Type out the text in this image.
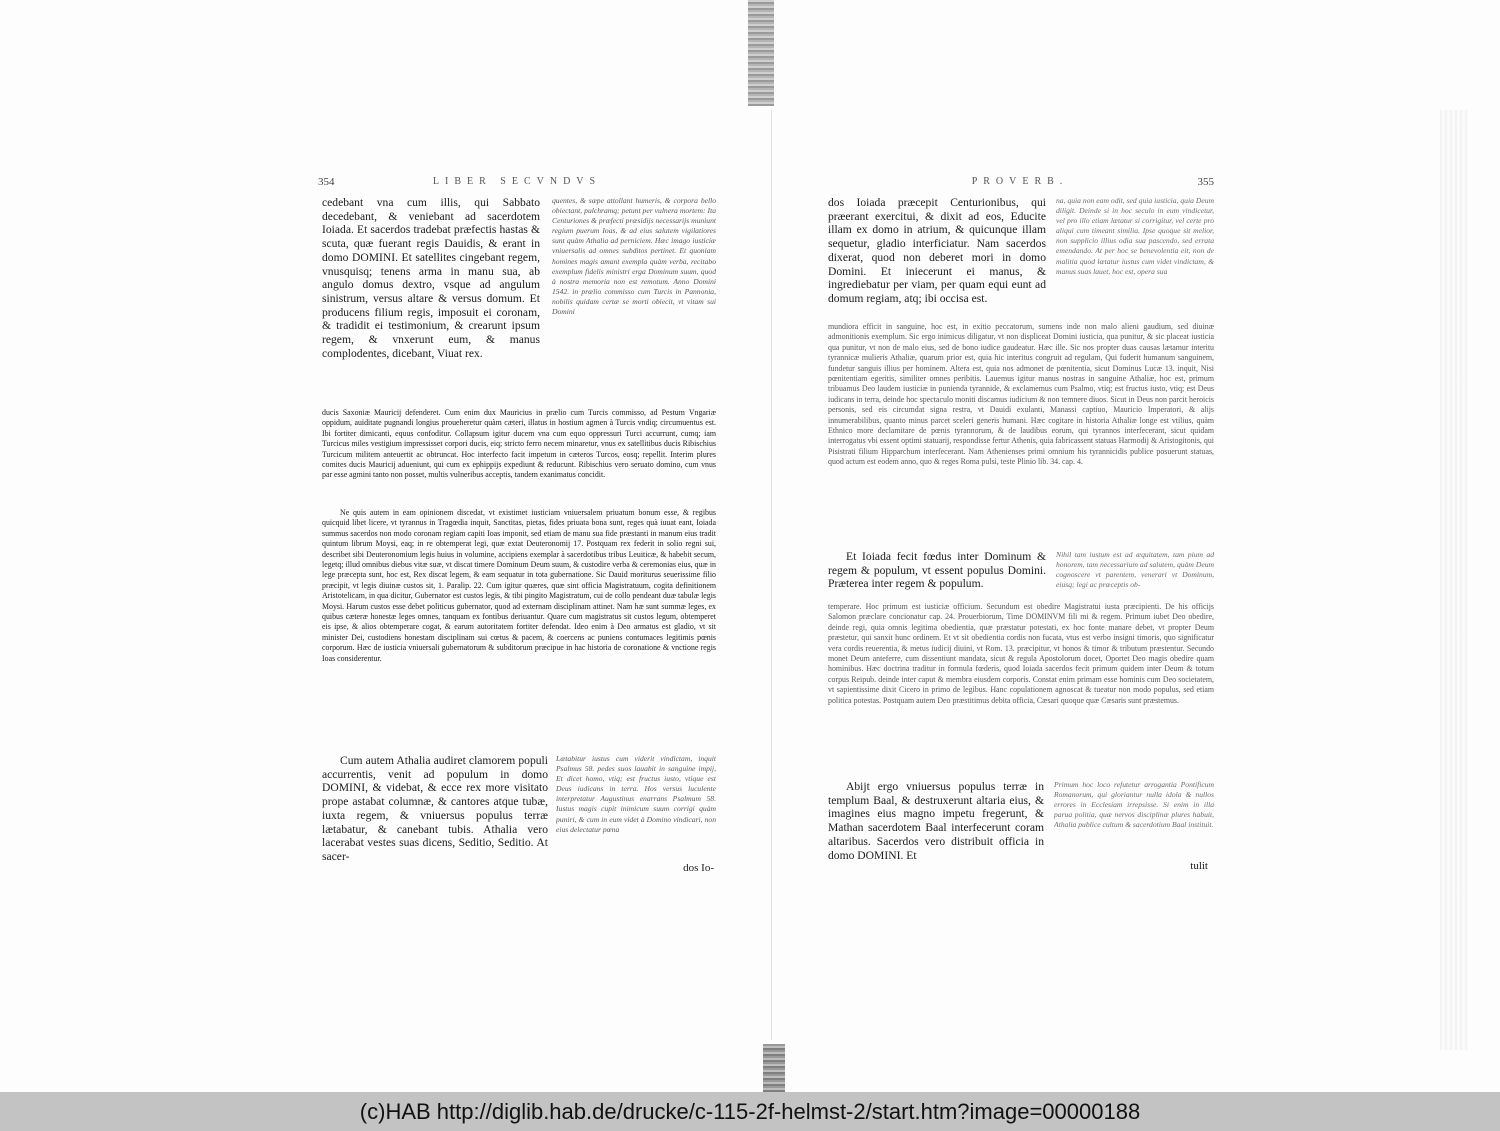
354	LIBER SECVNDVS

cedebant vna cum illis, qui Sabbato decedebant, & veniebant ad sacerdotem Ioiada. Et sacerdos tradebat præfectis hastas & scuta, quæ fuerant regis Dauidis, & erant in domo DOMINI. Et satellites cingebant regem, vnusquisq; tenens arma in manu sua, ab angulo domus dextro, vsque ad angulum sinistrum, versus altare & versus domum. Et producens filium regis, imposuit ei coronam, & tradidit ei testimonium, & crearunt ipsum regem, & vnxerunt eum, & manus complodentes, dicebant, Viuat rex.

quentes, & sæpe attollant humeris, & corpora bello obiectant, pulchramq; petunt per vulnera mortem: Ita Centuriones & præfecti præsidijs necessarijs muniunt regium puerum Ioas, & ad eius salutem vigilatiores sunt quàm Athalia ad perniciem. Hæc imago iusticiæ vniuersalis ad omnes subditos pertinet. Et quoniam homines magis amant exempla quàm verba, recitabo exemplum fidelis ministri erga Dominum suum, quod à nostra memoria non est remotum. Anno Domini 1542. in prælio commisso cum Turcis in Pannonia, nobilis quidam certæ se morti obiecit, vt vitam sui Domini

ducis Saxoniæ Mauricij defenderet. Cum enim dux Mauricius in prælio cum Turcis commisso, ad Pestum Vngariæ oppidum, auiditate pugnandi longius proueheretur quàm cæteri, illatus in hostium agmen à Turcis vndiq; circumuentus est. Ibi fortiter dimicanti, equus confoditur. Collapsum igitur ducem vna cum equo oppressuri Turci accurrunt, cumq; iam Turcicus miles vestigium impressisset corpori ducis, eiq; stricto ferro necem minaretur, vnus ex satellitibus ducis Ribischius Turcicum militem anteuertit ac obtruncat. Hoc interfecto facit impetum in cæteros Turcos, eosq; repellit. Interim plures comites ducis Mauricij adueniunt, qui cum ex ephippijs expediunt & reducunt. Ribischius vero seruato domino, cum vnus par esse agmini tanto non posset, multis vulneribus acceptis, tandem exanimatus concidit.

Ne quis autem in eam opinionem discedat, vt existimet iusticiam vniuersalem priuatum bonum esse, & regibus quicquid libet licere, vt tyrannus in Tragœdia inquit, Sanctitas, pietas, fides priuata bona sunt, reges quà iuuat eant, Ioiada summus sacerdos non modo coronam regiam capiti Ioas imponit, sed etiam de manu sua fide præstanti in manum eius tradit quintum librum Moysi, eaq; in re obtemperat legi, quæ extat Deuteronomij 17. Postquam rex federit in solio regni sui, describet sibi Deuteronomium legis huius in volumine, accipiens exemplar à sacerdotibus tribus Leuiticæ, & habebit secum, legetq; illud omnibus diebus vitæ suæ, vt discat timere Dominum Deum suum, & custodire verba & ceremonias eius, quæ in lege præcepta sunt, hoc est, Rex discat legem, & eam sequatur in tota gubernatione. Sic Dauid moriturus seuerissime filio præcipit, vt legis diuinæ custos sit, 1. Paralip. 22. Cum igitur quæres, quæ sint officia Magistratuum, cogita definitionem Aristotelicam, in qua dicitur, Gubernator est custos legis, & tibi pingito Magistratum, cui de collo pendeant duæ tabulæ legis Moysi. Harum custos esse debet politicus gubernator, quod ad externam disciplinam attinet. Nam hæ sunt summæ leges, ex quibus cæteræ honestæ leges omnes, tanquam ex fontibus deriuantur. Quare cum magistratus sit custos legum, obtemperet eis ipse, & alios obtemperare cogat, & earum autoritatem fortiter defendat. Ideo enim à Deo armatus est gladio, vt sit minister Dei, custodiens honestam disciplinam sui cœtus & pacem, & coercens ac puniens contumaces legitimis pœnis corporum. Hæc de iusticia vniuersali gubernatorum & subditorum præcipue in hac historia de coronatione & vnctione regis Ioas considerentur.

Cum autem Athalia audiret clamorem populi accurrentis, venit ad populum in domo DOMINI, & videbat, & ecce rex more visitato prope astabat columnæ, & cantores atque tubæ, iuxta regem, & vniuersus populus terræ lætabatur, & canebant tubis. Athalia vero lacerabat vestes suas dicens, Seditio, Seditio. At sacer-

Lætabitur iustus cum viderit vindictam, inquit Psalmus 58. pedes suos lauabit in sanguine impij, Et dicet homo, vtiq; est fructus iusto, vtique est Deus iudicans in terra. Hos versus luculente interpretatur Augustinus enarrans Psalmum 58. Iustus magis cupit inimicum suum corrigi quàm puniri, & cum in eum videt à Domino vindicari, non eius delectatur pœna

dos Io-
PROVERB.	355

dos Ioiada præcepit Centurionibus, qui præerant exercitui, & dixit ad eos, Educite illam ex domo in atrium, & quicunque illam sequetur, gladio interficiatur. Nam sacerdos dixerat, quod non deberet mori in domo Domini. Et iniecerunt ei manus, & ingrediebatur per viam, per quam equi eunt ad domum regiam, atq; ibi occisa est.

na, quia non eam odit, sed quia iusticia, quia Deum diligit. Deinde si in hoc seculo in eum vindicetur, vel pro illo etiam lætatur si corrigitur, vel certe pro aliqui cum timeant similia. Ipse quoque sit melior, non supplicio illius odia sua pascendo, sed errata emendando. At per hoc se benevolentia eit, non de malitia quod lætatur iustus cum videt vindictam, & manus suas lauet, hoc est, opera sua

mundiora efficit in sanguine, hoc est, in exitio peccatorum, sumens inde non malo alieni gaudium, sed diuinæ admonitionis exemplum. Sic ergo inimicus diligatur, vt non displiceat Domini iusticia, qua punitur, & sic placeat iusticia qua punitur, vt non de malo eius, sed de bono iudice gaudeatur. Hæc ille. Sic nos propter duas causas lætamur interitu tyrannicæ mulieris Athaliæ, quarum prior est, quia hic interitus congruit ad regulam, Qui fuderit humanum sanguinem, fundetur sanguis illius per hominem. Altera est, quia nos admonet de pœnitentia, sicut Dominus Lucæ 13. inquit, Nisi pœnitentiam egeritis, similiter omnes peribitis. Lauemus igitur manus nostras in sanguine Athaliæ, hoc est, primum tribuamus Deo laudem iusticiæ in punienda tyrannide, & exclamemus cum Psalmo, vtiq; est fructus iusto, vtiq; est Deus iudicans in terra, deinde hoc spectaculo moniti discamus iudicium & non temnere diuos. Sicut in Deus non parcit heroicis personis, sed eis circumdat signa restra, vt Dauidi exulanti, Manassi captiuo, Mauricio Imperatori, & alijs innumerabilibus, quanto minus parcet sceleri generis humani. Hæc cogitare in historia Athaliæ longe est vtilius, quàm Ethnico more declamitare de pœnis tyrannorum, & de laudibus eorum, qui tyrannos interfecerant, sicut quidam interrogatus vbi essent optimi statuarij, respondisse fertur Athenis, quia fabricassent statuas Harmodij & Aristogitonis, qui Pisistrati filium Hipparchum interfecerant. Nam Athenienses primi omnium his tyrannicidis publice posuerunt statuas, quod actum est eodem anno, quo & reges Roma pulsi, teste Plinio lib. 34. cap. 4.

Et Ioiada fecit fœdus inter Dominum & regem & populum, vt essent populus Domini. Præterea inter regem & populum.

Nihil tam iustum est ad æquitatem, tam pium ad honorem, tam necessarium ad salutem, quàm Deum cognoscere vt parentem, venerari vt Dominum, eiusq; legi ac præceptis ob-

temperare. Hoc primum est iusticiæ officium. Secundum est obedire Magistratui iusta præcipienti. De his officijs Salomon præclare concionatur cap. 24. Prouerbiorum, Time DOMINVM fili mi & regem. Primum iubet Deo obedire, deinde regi, quia omnis legitima obedientia, quæ præstatur potestati, ex hoc fonte manare debet, vt propter Deum præstetur, qui sanxit hunc ordinem. Et vt sit obedientia cordis non fucata, vtus est verbo insigni timoris, quo significatur vera cordis reuerentia, & metus iudicij diuini, vt Rom. 13. præcipitur, vt honos & timor & tributum præstentur. Secundo monet Deum anteferre, cum dissentiunt mandata, sicut & regula Apostolorum docet, Oportet Deo magis obedire quam hominibus. Hæc doctrina traditur in formula fœderis, quod Ioiada sacerdos fecit primum quidem inter Deum & totum corpus Reipub. deinde inter caput & membra eiusdem corporis. Constat enim primam esse hominis cum Deo societatem, vt sapientissime dixit Cicero in primo de legibus. Hanc copulationem agnoscat & tueatur non modo populus, sed etiam politica potestas. Postquam autem Deo præstitimus debita officia, Cæsari quoque quæ Cæsaris sunt præstemus.

Abijt ergo vniuersus populus terræ in templum Baal, & destruxerunt altaria eius, & imagines eius magno impetu fregerunt, & Mathan sacerdotem Baal interfecerunt coram altaribus. Sacerdos vero distribuit officia in domo DOMINI. Et

Primum hoc loco refutetur arrogantia Pontificum Romanorum, qui gloriantur nulla idola & nullos errores in Ecclesiam irrepsisse. Si enim in illa parua politia, quæ nervos disciplinæ plures habuit, Athalia publice cultum & sacerdotium Baal instituit.

tulit
(c)HAB http://diglib.hab.de/drucke/c-115-2f-helmst-2/start.htm?image=00000188
